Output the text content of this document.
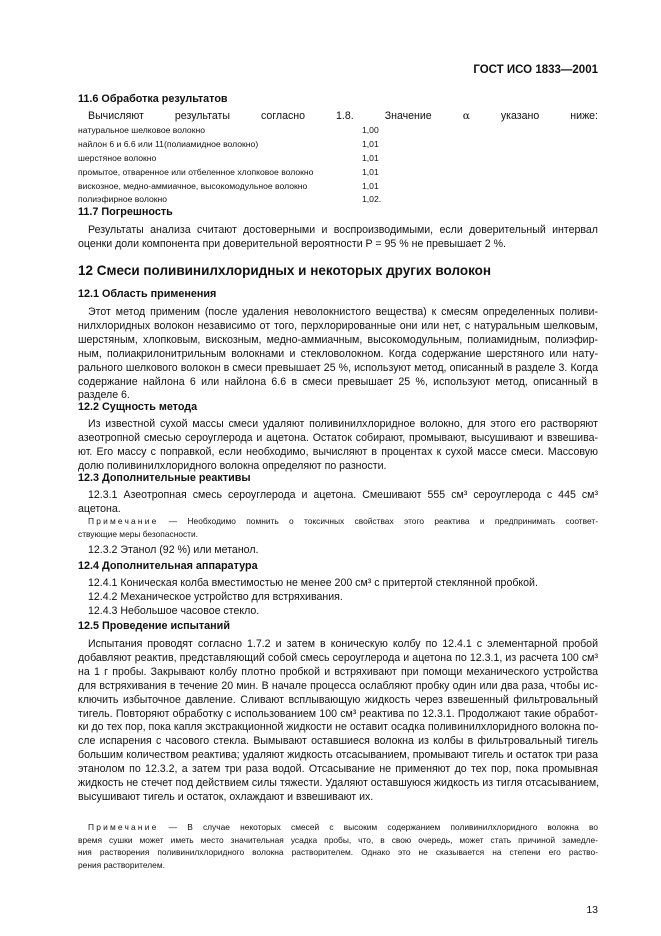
ГОСТ ИСО 1833—2001
11.6 Обработка результатов
Вычисляют результаты согласно 1.8. Значение α указано ниже:
натуральное шелковое волокно	1,00
найлон 6 и 6.6 или 11(полиамидное волокно)	1,01
шерстяное волокно	1,01
промытое, отваренное или отбеленное хлопковое волокно	1,01
вискозное, медно-аммиачное, высокомодульное волокно	1,01
полиэфирное волокно	1,02.
11.7 Погрешность
Результаты анализа считают достоверными и воспроизводимыми, если доверительный интервал
оценки доли компонента при доверительной вероятности P = 95 % не превышает 2 %.
12 Смеси поливинилхлоридных и некоторых других волокон
12.1 Область применения
Этот метод применим (после удаления неволокнистого вещества) к смесям определенных поливи-
нилхлоридных волокон независимо от того, перхлорированные они или нет, с натуральным шелковым,
шерстяным, хлопковым, вискозным, медно-аммиачным, высокомодульным, полиамидным, полиэфир-
ным, полиакрилонитрильным волокнами и стекловолокном. Когда содержание шерстяного или нату-
рального шелкового волокон в смеси превышает 25 %, используют метод, описанный в разделе 3. Когда
содержание найлона 6 или найлона 6.6 в смеси превышает 25 %, используют метод, описанный в
разделе 6.
12.2 Сущность метода
Из известной сухой массы смеси удаляют поливинилхлоридное волокно, для этого его растворяют
азеотропной смесью сероуглерода и ацетона. Остаток собирают, промывают, высушивают и взвешива-
ют. Его массу с поправкой, если необходимо, вычисляют в процентах к сухой массе смеси. Массовую
долю поливинилхлоридного волокна определяют по разности.
12.3 Дополнительные реактивы
12.3.1 Азеотропная смесь сероуглерода и ацетона. Смешивают 555 см³ сероуглерода с 445 см³
ацетона.
Примечание — Необходимо помнить о токсичных свойствах этого реактива и предпринимать соответ-
ствующие меры безопасности.
12.3.2 Этанол (92 %) или метанол.
12.4 Дополнительная аппаратура
12.4.1 Коническая колба вместимостью не менее 200 см³ с притертой стеклянной пробкой.
12.4.2 Механическое устройство для встряхивания.
12.4.3 Небольшое часовое стекло.
12.5 Проведение испытаний
Испытания проводят согласно 1.7.2 и затем в коническую колбу по 12.4.1 с элементарной пробой
добавляют реактив, представляющий собой смесь сероуглерода и ацетона по 12.3.1, из расчета 100 см³
на 1 г пробы. Закрывают колбу плотно пробкой и встряхивают при помощи механического устройства
для встряхивания в течение 20 мин. В начале процесса ослабляют пробку один или два раза, чтобы ис-
ключить избыточное давление. Сливают всплывающую жидкость через взвешенный фильтровальный
тигель. Повторяют обработку с использованием 100 см³ реактива по 12.3.1. Продолжают такие обработ-
ки до тех пор, пока капля экстракционной жидкости не оставит осадка поливинилхлоридного волокна по-
сле испарения с часового стекла. Вымывают оставшиеся волокна из колбы в фильтровальный тигель
большим количеством реактива; удаляют жидкость отсасыванием, промывают тигель и остаток три раза
этанолом по 12.3.2, а затем три раза водой. Отсасывание не применяют до тех пор, пока промывная
жидкость не стечет под действием силы тяжести. Удаляют оставшуюся жидкость из тигля отсасыванием,
высушивают тигель и остаток, охлаждают и взвешивают их.
Примечание — В случае некоторых смесей с высоким содержанием поливинилхлоридного волокна во
время сушки может иметь место значительная усадка пробы, что, в свою очередь, может стать причиной замедле-
ния растворения поливинилхлоридного волокна растворителем. Однако это не сказывается на степени его раство-
рения растворителем.
13
